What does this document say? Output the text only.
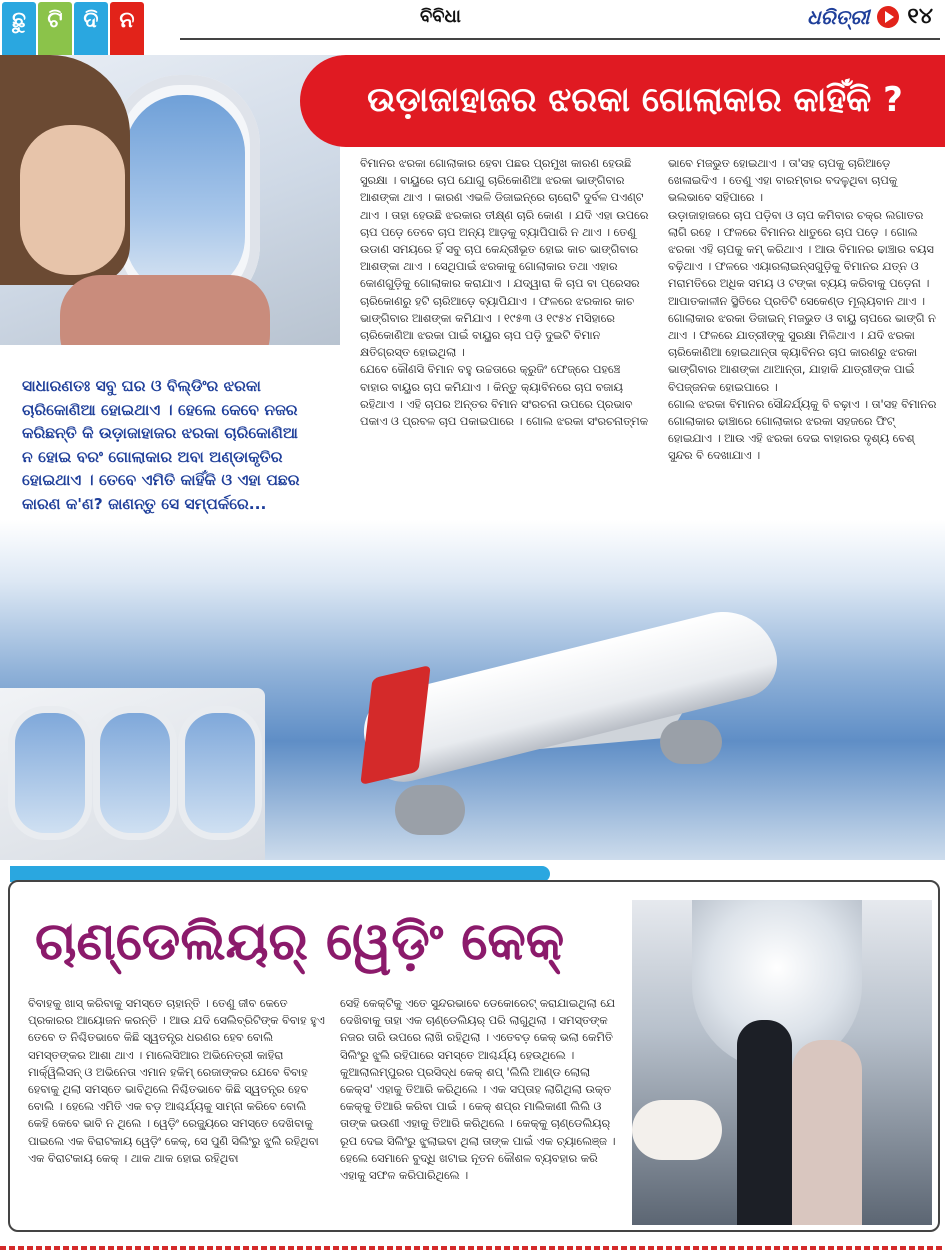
ଛୁ ଟି ଦି ନ	ବିବିଧା	ଧରିତ୍ରୀ ୧୪
ଉଡ଼ାଜାହାଜର ଝରକା ଗୋଲାକାର କାହିଁକି ?
ସାଧାରଣତଃ ସବୁ ଘର ଓ ବିଲ୍ଡିଂର ଝରକା ଚାରିକୋଣିଆ ହୋଇଥାଏ । ହେଲେ କେବେ ନଜର କରିଛନ୍ତି କି ଉଡ଼ାଜାହାଜର ଝରକା ଚାରିକୋଣିଆ ନ ହୋଇ ବରଂ ଗୋଲାକାର ଅବା ଅଣ୍ଡାକୃତିର ହୋଇଥାଏ । ତେବେ ଏମିତି କାହିଁକି ଓ ଏହା ପଛର କାରଣ କ'ଣ? ଜାଣନ୍ତୁ ସେ ସମ୍ପର୍କରେ...

ବିମାନର ଝରକା ଗୋଲାକାର ହେବା ପଛର ପ୍ରମୁଖ କାରଣ ହେଉଛି ସୁରକ୍ଷା । ବାୟୁରେ ଚାପ ଯୋଗୁ ଚାରିକୋଣିଆ ଝରକା ଭାଙ୍ଗିବାର ଆଶଙ୍କା ଥାଏ । କାରଣ ଏଭଳି ଡିଜାଇନ୍‌ରେ ଚାରୋଟି ଦୁର୍ବଳ ପଏଣ୍ଟ ଥାଏ । ତାହା ହେଉଛି ଝରକାର ତୀକ୍ଷ୍ଣ ଚାରି କୋଣ । ଯଦି ଏହା ଉପରେ ଚାପ ପଡ଼େ ତେବେ ଚାପ ଅନ୍ୟ ଆଡ଼କୁ ବ୍ୟାପିପାରି ନ ଥାଏ । ତେଣୁ ଉଡାଣ ସମୟରେ ହିଁ ସବୁ ଚାପ କେନ୍ଦ୍ରୀଭୂତ ହୋଇ କାଚ ଭାଙ୍ଗିବାର ଆଶଙ୍କା ଥାଏ । ସେଥିପାଇଁ ଝରକାକୁ ଗୋଲାକାର ତଥା ଏହାର କୋଣଗୁଡ଼ିକୁ ଗୋଲାକାର କରାଯାଏ । ଯଦ୍ୱାରା କି ଚାପ ବା ପ୍ରେସର ଚାରିକୋଣରୁ ହଟି ଚାରିଆଡ଼େ ବ୍ୟାପିଯାଏ । ଫଳରେ ଝରକାର କାଚ ଭାଙ୍ଗିବାର ଆଶଙ୍କା କମିଯାଏ । ୧୯୫୩ ଓ ୧୯୫୪ ମସିହାରେ ଚାରିକୋଣିଆ ଝରକା ପାଇଁ ବାୟୁର ଚାପ ପଡ଼ି ଦୁଇଟି ବିମାନ କ୍ଷତିଗ୍ରସ୍ତ ହୋଇଥିଲା ।

ଯେବେ କୌଣସି ବିମାନ ବହୁ ଉଚ୍ଚତାରେ କ୍ରୁଜିଂ ଫେଜ୍‌ରେ ପହଞ୍ଚେ ବାହାର ବାୟୁର ଚାପ କମିଯାଏ । କିନ୍ତୁ କ୍ୟାବିନରେ ଚାପ ବଜାୟ ରହିଥାଏ । ଏହି ଚାପର ଅନ୍ତର ବିମାନ ସଂରଚନା ଉପରେ ପ୍ରଭାବ ପକାଏ ଓ ପ୍ରବଳ ଚାପ ପକାଇପାରେ । ଗୋଲ ଝରକା ସଂରଚନାତ୍ମକ

ଭାବେ ମଜଭୁତ ହୋଇଥାଏ । ତା'ସହ ଚାପକୁ ଚାରିଆଡ଼େ ଖେଳାଇଦିଏ । ତେଣୁ ଏହା ବାରମ୍ବାର ବଦଳୁଥିବା ଚାପକୁ ଭଲଭାବେ ସହିପାରେ ।

ଉଡ଼ାଜାହାଜରେ ଚାପ ପଡ଼ିବା ଓ ଚାପ କମିବାର ଚକ୍ର ଲଗାତର ଲାଗି ରହେ । ଫଳରେ ବିମାନର ଧାତୁରେ ଚାପ ପଡ଼େ । ଗୋଲ ଝରକା ଏହି ଚାପକୁ କମ୍ କରିଥାଏ । ଆଉ ବିମାନର ଢାଞ୍ଚାର ବୟସ ବଢ଼ିଥାଏ । ଫଳରେ ଏୟାରଲାଇନ୍ସଗୁଡ଼ିକୁ ବିମାନର ଯତ୍ନ ଓ ମରାମତିରେ ଅଧିକ ସମୟ ଓ ଟଙ୍କା ବ୍ୟୟ କରିବାକୁ ପଡ଼େନା ।

ଆପାତକାଳୀନ ସ୍ଥିତିରେ ପ୍ରତିଟି ସେକେଣ୍ଡ ମୂଲ୍ୟବାନ ଥାଏ । ଗୋଲାକାର ଝରକା ଡିଜାଇନ୍ ମଜଭୁତ ଓ ବାୟୁ ଚାପରେ ଭାଙ୍ଗି ନ ଥାଏ । ଫଳରେ ଯାତ୍ରୀଙ୍କୁ ସୁରକ୍ଷା ମିଳିଥାଏ । ଯଦି ଝରକା ଚାରିକୋଣିଆ ହୋଇଥାନ୍ତା କ୍ୟାବିନର ଚାପ କାରଣରୁ ଝରକା ଭାଙ୍ଗିବାର ଆଶଙ୍କା ଥାଆନ୍ତା, ଯାହାକି ଯାତ୍ରୀଙ୍କ ପାଇଁ ବିପଜ୍ଜନକ ହୋଇପାରେ ।

ଗୋଲ ଝରକା ବିମାନର ସୌନ୍ଦର୍ଯ୍ୟକୁ ବି ବଢ଼ାଏ । ତା'ସହ ବିମାନର ଗୋଲାକାର ଢାଞ୍ଚାରେ ଗୋଲାକାର ଝରକା ସହଜରେ ଫିଟ୍ ହୋଇଯାଏ । ଆଉ ଏହି ଝରକା ଦେଇ ବାହାରର ଦୃଶ୍ୟ ବେଶ୍ ସୁନ୍ଦର ବି ଦେଖାଯାଏ ।

ଚାଣ୍ଡେଲିୟର୍ ୱେଡ଼ିଂ କେକ୍

ବିବାହକୁ ଖାସ୍ କରିବାକୁ ସମସ୍ତେ ଚାହାନ୍ତି । ତେଣୁ ଜୀବ କେତେ ପ୍ରକାରର ଆୟୋଜନ କରନ୍ତି । ଆଉ ଯଦି ସେଲିବ୍ରିଟିଙ୍କ ବିବାହ ହୁଏ ତେବେ ତ ନିଶ୍ଚିତଭାବେ କିଛି ସ୍ୱତନ୍ତ୍ର ଧରଣର ହେବ ବୋଲି ସମସ୍ତଙ୍କର ଆଶା ଥାଏ । ମାଲେସିଆର ଅଭିନେତ୍ରୀ କାହିରା ମାର୍କ୍ୱିଲିସନ୍ ଓ ଅଭିନେତା ଏମାନ ହକିମ୍ ରେଜାଙ୍କର ଯେବେ ବିବାହ ହେବାକୁ ଥିଲା ସମସ୍ତେ ଭାବିଥିଲେ ନିଶ୍ଚିତଭାବେ କିଛି ସ୍ୱତନ୍ତ୍ର ହେବ ବୋଲି । ହେଲେ ଏମିତି ଏକ ବଡ଼ ଆଶ୍ଚର୍ଯ୍ୟକୁ ସାମ୍ନା କରିବେ ବୋଲି କେହି କେବେ ଭାବି ନ ଥିଲେ । ୱେଡ଼ିଂ ରେଜୁ୍ୟରେ ସମସ୍ତେ ଦେଖିବାକୁ ପାଇଲେ ଏକ ବିରାଟକାୟ ୱେଡ଼ିଂ କେକ୍, ସେ ପୁଣି ସିଲିଂରୁ ଝୁଲି ରହିଥିବା ଏକ ବିରାଟକାୟ କେକ୍ । ଥାକ ଥାକ ହୋଇ ରହିଥିବା

ସେହି କେକ୍‌ଟିକୁ ଏତେ ସୁନ୍ଦରଭାବେ ଡେକୋରେଟ୍ କରାଯାଇଥିଲା ଯେ ଦେଖିବାକୁ ତାହା ଏକ ଚାଣ୍ଡେଲିୟର୍ ପରି ଲାଗୁଥିଲା । ସମସ୍ତଙ୍କ ନଜର ତାରି ଉପରେ ଲାଖି ରହିଥିଲା । ଏତେବଡ଼ କେକ୍ ଭଲା କେମିତି ସିଲିଂରୁ ଝୁଲି ରହିପାରେ ସମସ୍ତେ ଆଶ୍ଚର୍ଯ୍ୟ ହେଉଥିଲେ । କୁଆଲାଲମ୍ପୁରର ପ୍ରସିଦ୍ଧ କେକ୍ ଶପ୍ 'ଲିଲି ଆଣ୍ଡ ଲୋଲା କେକ୍‌ସ' ଏହାକୁ ତିଆରି କରିଥିଲେ । ଏକ ସପ୍ତାହ ଲାଗିଥିଲା ଉକ୍ତ କେକ୍‌କୁ ତିଆରି କରିବା ପାଇଁ । କେକ୍ ଶପ୍‌ର ମାଲିକାଣୀ ଲିଲି ଓ ତାଙ୍କ ଭଉଣୀ ଏହାକୁ ତିଆରି କରିଥିଲେ । କେକ୍‌କୁ ଚାଣ୍ଡେଲିୟର୍ ରୂପ ଦେଇ ସିଲିଂରୁ ଝୁଲାଇବା ଥିଲା ତାଙ୍କ ପାଇଁ ଏକ ଚ୍ୟାଲେଞ୍ଜ । ହେଲେ ସେମାନେ ବୁଦ୍ଧି ଖଟାଇ ନୂତନ କୌଶଳ ବ୍ୟବହାର କରି ଏହାକୁ ସଫଳ କରିପାରିଥିଲେ ।
